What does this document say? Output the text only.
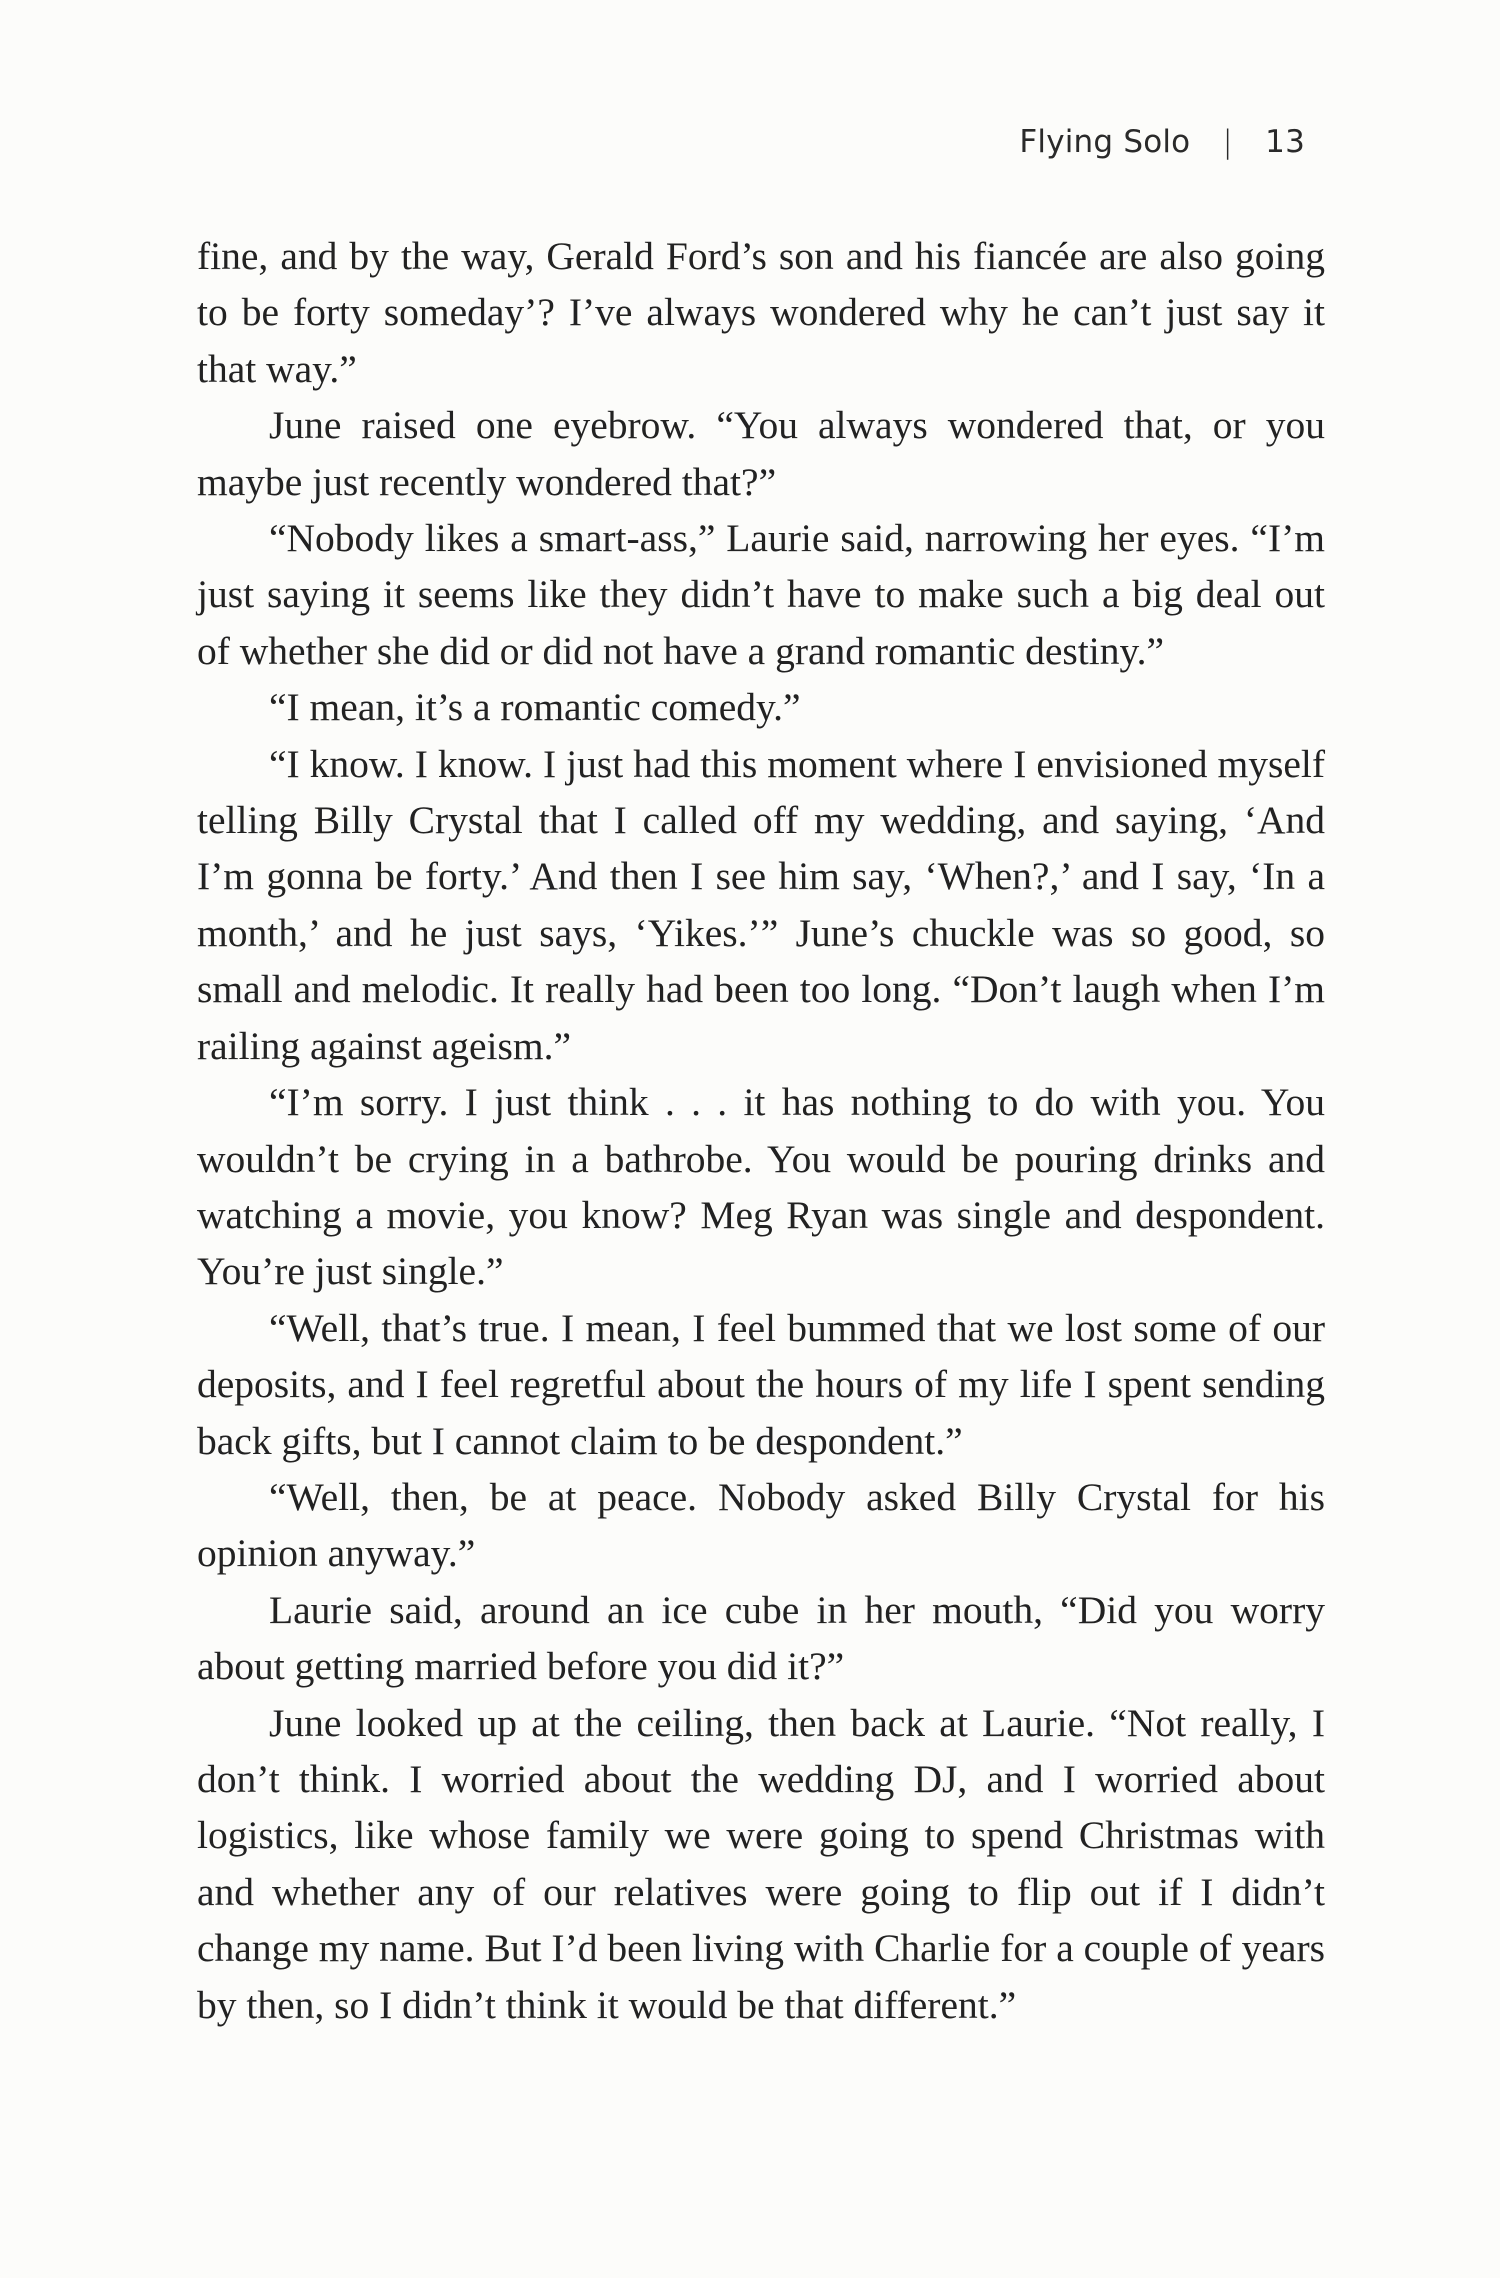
Flying Solo | 13

fine, and by the way, Gerald Ford’s son and his fiancée are also going to be forty someday’? I’ve always wondered why he can’t just say it that way.”

June raised one eyebrow. “You always wondered that, or you maybe just recently wondered that?”

“Nobody likes a smart-ass,” Laurie said, narrowing her eyes. “I’m just saying it seems like they didn’t have to make such a big deal out of whether she did or did not have a grand romantic destiny.”

“I mean, it’s a romantic comedy.”

“I know. I know. I just had this moment where I envisioned myself telling Billy Crystal that I called off my wedding, and saying, ‘And I’m gonna be forty.’ And then I see him say, ‘When?,’ and I say, ‘In a month,’ and he just says, ‘Yikes.’” June’s chuckle was so good, so small and melodic. It really had been too long. “Don’t laugh when I’m railing against ageism.”

“I’m sorry. I just think . . . it has nothing to do with you. You wouldn’t be crying in a bathrobe. You would be pouring drinks and watching a movie, you know? Meg Ryan was single and despondent. You’re just single.”

“Well, that’s true. I mean, I feel bummed that we lost some of our deposits, and I feel regretful about the hours of my life I spent sending back gifts, but I cannot claim to be despondent.”

“Well, then, be at peace. Nobody asked Billy Crystal for his opinion anyway.”

Laurie said, around an ice cube in her mouth, “Did you worry about getting married before you did it?”

June looked up at the ceiling, then back at Laurie. “Not really, I don’t think. I worried about the wedding DJ, and I worried about logistics, like whose family we were going to spend Christmas with and whether any of our relatives were going to flip out if I didn’t change my name. But I’d been living with Charlie for a couple of years by then, so I didn’t think it would be that different.”
